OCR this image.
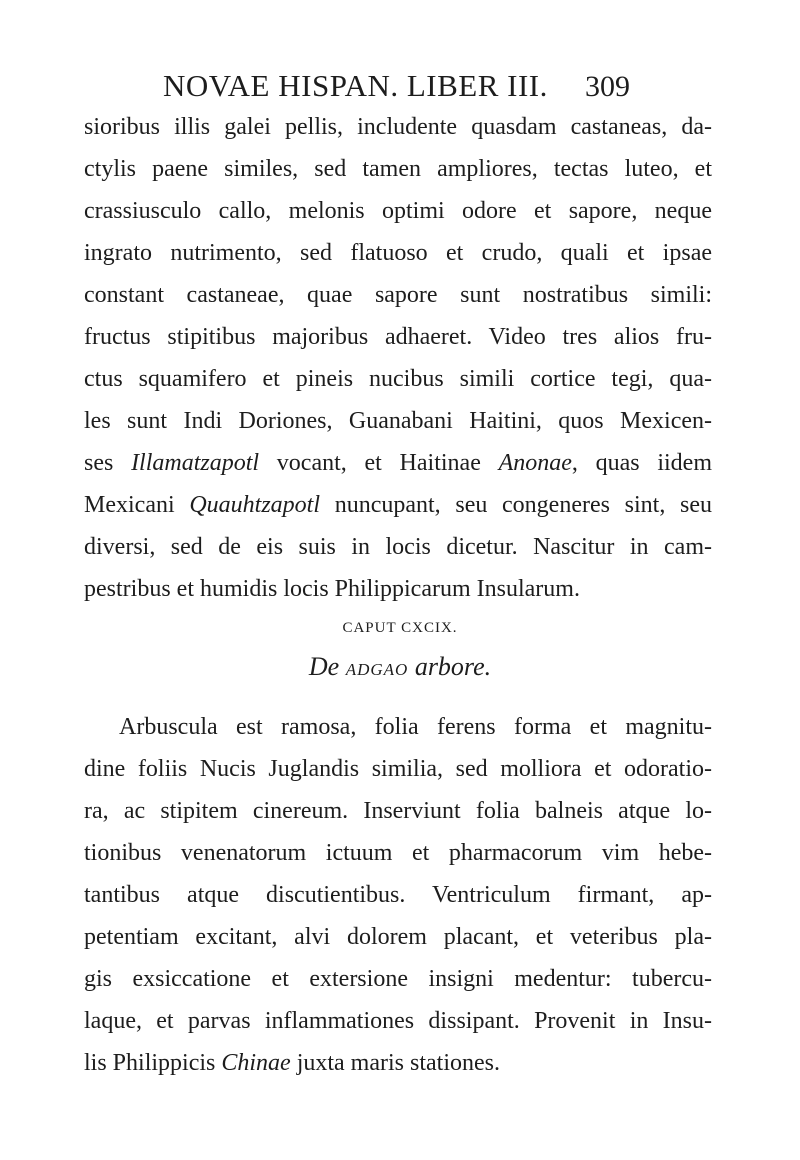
NOVAE HISPAN. LIBER III. 309
sioribus illis galei pellis, includente quasdam castaneas, da-
ctylis paene similes, sed tamen ampliores, tectas luteo, et
crassiusculo callo, melonis optimi odore et sapore, neque
ingrato nutrimento, sed flatuoso et crudo, quali et ipsae
constant castaneae, quae sapore sunt nostratibus simili:
fructus stipitibus majoribus adhaeret. Video tres alios fru-
ctus squamifero et pineis nucibus simili cortice tegi, qua-
les sunt Indi Doriones, Guanabani Haitini, quos Mexicen-
ses Illamatzapotl vocant, et Haitinae Anonae, quas iidem
Mexicani Quauhtzapotl nuncupant, seu congeneres sint, seu
diversi, sed de eis suis in locis dicetur. Nascitur in cam-
pestribus et humidis locis Philippicarum Insularum.
CAPUT CXCIX.
De ADGAO arbore.
Arbuscula est ramosa, folia ferens forma et magnitu-
dine foliis Nucis Juglandis similia, sed molliora et odoratio-
ra, ac stipitem cinereum. Inserviunt folia balneis atque lo-
tionibus venenatorum ictuum et pharmacorum vim hebe-
tantibus atque discutientibus. Ventriculum firmant, ap-
petentiam excitant, alvi dolorem placant, et veteribus pla-
gis exsiccatione et extersione insigni medentur: tubercu-
laque, et parvas inflammationes dissipant. Provenit in Insu-
lis Philippicis Chinae juxta maris stationes.
